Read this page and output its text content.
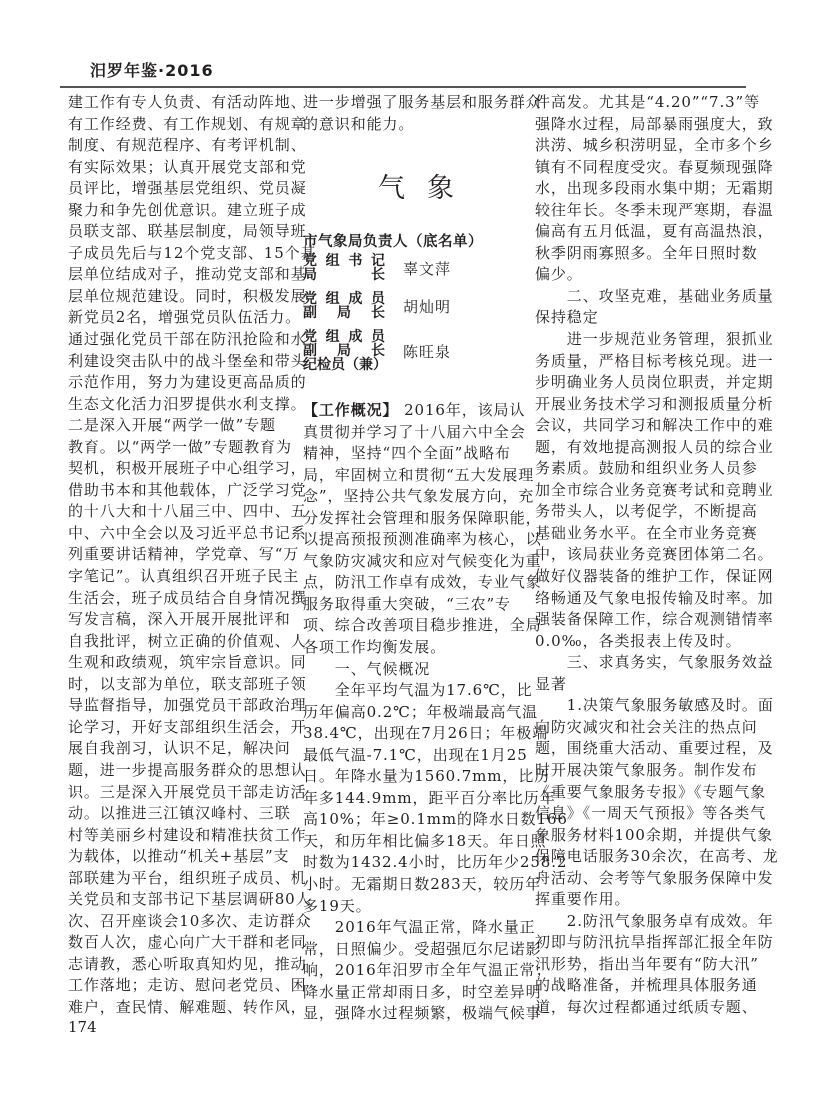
汨罗年鉴·2016
建工作有专人负责、有活动阵地、
有工作经费、有工作规划、有规章
制度、有规范程序、有考评机制、
有实际效果；认真开展党支部和党
员评比，增强基层党组织、党员凝
聚力和争先创优意识。建立班子成
员联支部、联基层制度，局领导班
子成员先后与12个党支部、15个基
层单位结成对子，推动党支部和基
层单位规范建设。同时，积极发展
新党员2名，增强党员队伍活力。
通过强化党员干部在防汛抢险和水
利建设突击队中的战斗堡垒和带头
示范作用，努力为建设更高品质的
生态文化活力汨罗提供水利支撑。
二是深入开展“两学一做”专题
教育。以“两学一做”专题教育为
契机，积极开展班子中心组学习，
借助书本和其他载体，广泛学习党
的十八大和十八届三中、四中、五
中、六中全会以及习近平总书记系
列重要讲话精神，学党章、写“万
字笔记”。认真组织召开班子民主
生活会，班子成员结合自身情况撰
写发言稿，深入开展开展批评和
自我批评，树立正确的价值观、人
生观和政绩观，筑牢宗旨意识。同
时，以支部为单位，联支部班子领
导监督指导，加强党员干部政治理
论学习，开好支部组织生活会，开
展自我剖习，认识不足，解决问
题，进一步提高服务群众的思想认
识。三是深入开展党员干部走访活
动。以推进三江镇汉峰村、三联
村等美丽乡村建设和精准扶贫工作
为载体，以推动“机关+基层”支
部联建为平台，组织班子成员、机
关党员和支部书记下基层调研80人
次、召开座谈会10多次、走访群众
数百人次，虚心向广大干群和老同
志请教，悉心听取真知灼见，推动
工作落地；走访、慰问老党员、困
难户，查民情、解难题、转作风，
进一步增强了服务基层和服务群众
的意识和能力。
气象
市气象局负责人（底名单）
党组书记
局长 辜文萍
党组成员
副局长 胡灿明
党组成员
副局长
纪检员（兼）
陈旺泉
【工作概况】 2016年，该局认
真贯彻并学习了十八届六中全会
精神，坚持“四个全面”战略布
局，牢固树立和贯彻“五大发展理
念”，坚持公共气象发展方向，充
分发挥社会管理和服务保障职能，
以提高预报预测准确率为核心，以
气象防灾减灾和应对气候变化为重
点，防汛工作卓有成效，专业气象
服务取得重大突破，“三农”专
项、综合改善项目稳步推进，全局
各项工作均衡发展。
　　一、气候概况
　　全年平均气温为17.6℃，比
历年偏高0.2℃；年极端最高气温
38.4℃，出现在7月26日；年极端
最低气温-7.1℃，出现在1月25
日。年降水量为1560.7mm，比历
年多144.9mm，距平百分率比历年
高10%；年≥0.1mm的降水日数166
天，和历年相比偏多18天。年日照
时数为1432.4小时，比历年少258.2
小时。无霜期日数283天，较历年
多19天。
　　2016年气温正常，降水量正
常，日照偏少。受超强厄尔尼诺影
响，2016年汨罗市全年气温正常；
降水量正常却雨日多，时空差异明
显，强降水过程频繁，极端气候事
件高发。尤其是“4.20”“7.3”等
强降水过程，局部暴雨强度大，致
洪涝、城乡积涝明显，全市多个乡
镇有不同程度受灾。春夏频现强降
水，出现多段雨水集中期；无霜期
较往年长。冬季未现严寒期，春温
偏高有五月低温，夏有高温热浪，
秋季阴雨寡照多。全年日照时数
偏少。
　　二、攻坚克难，基础业务质量
保持稳定
　　进一步规范业务管理，狠抓业
务质量，严格目标考核兑现。进一
步明确业务人员岗位职责，并定期
开展业务技术学习和测报质量分析
会议，共同学习和解决工作中的难
题，有效地提高测报人员的综合业
务素质。鼓励和组织业务人员参
加全市综合业务竞赛考试和竞聘业
务带头人，以考促学，不断提高
基础业务水平。在全市业务竞赛
中，该局获业务竞赛团体第二名。
做好仪器装备的维护工作，保证网
络畅通及气象电报传输及时率。加
强装备保障工作，综合观测错情率
0.0‰，各类报表上传及时。
　　三、求真务实，气象服务效益
显著
　　1.决策气象服务敏感及时。面
向防灾减灾和社会关注的热点问
题，围绕重大活动、重要过程，及
时开展决策气象服务。制作发布
《重要气象服务专报》《专题气象
信息》《一周天气预报》等各类气
象服务材料100余期，并提供气象
保障电话服务30余次，在高考、龙
舟活动、会考等气象服务保障中发
挥重要作用。
　　2.防汛气象服务卓有成效。年
初即与防汛抗旱指挥部汇报全年防
汛形势，指出当年要有“防大汛”
的战略准备，并梳理具体服务通
道，每次过程都通过纸质专题、
174
